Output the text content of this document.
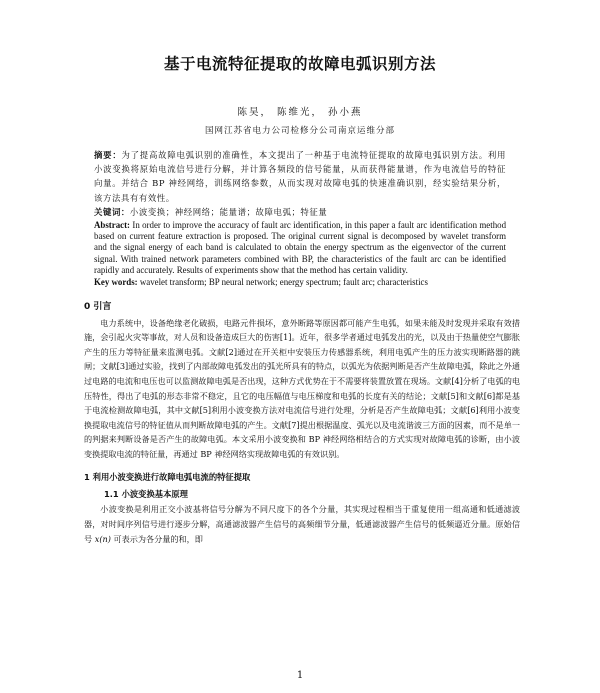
基于电流特征提取的故障电弧识别方法
陈昊， 陈维光， 孙小燕
国网江苏省电力公司检修分公司南京运维分部
摘要：为了提高故障电弧识别的准确性，本文提出了一种基于电流特征提取的故障电弧识别方法。利用小波变换将原始电流信号进行分解，并计算各频段的信号能量，从而获得能量谱，作为电流信号的特征向量。并结合 BP 神经网络，训练网络参数，从而实现对故障电弧的快速准确识别，经实验结果分析，该方法具有有效性。
关键词：小波变换；神经网络；能量谱；故障电弧；特征量
Abstract: In order to improve the accuracy of fault arc identification, in this paper a fault arc identification method based on current feature extraction is proposed. The original current signal is decomposed by wavelet transform and the signal energy of each band is calculated to obtain the energy spectrum as the eigenvector of the current signal. With trained network parameters combined with BP, the characteristics of the fault arc can be identified rapidly and accurately. Results of experiments show that the method has certain validity.
Key words: wavelet transform; BP neural network; energy spectrum; fault arc; characteristics
0 引言
电力系统中，设备绝缘老化破损，电路元件损坏，意外断路等原因都可能产生电弧，如果未能及时发现并采取有效措施，会引起火灾等事故，对人员和设备造成巨大的伤害[1]。近年，很多学者通过电弧发出的光，以及由于热量使空气膨胀产生的压力等特征量来监测电弧。文献[2]通过在开关柜中安装压力传感器系统，利用电弧产生的压力波实现断路器的跳闸；文献[3]通过实验，找到了内部故障电弧发出的弧光所具有的特点，以弧光为依据判断是否产生故障电弧，除此之外通过电路的电流和电压也可以监测故障电弧是否出现，这种方式优势在于不需要将装置放置在现场。文献[4]分析了电弧的电压特性，得出了电弧的形态非常不稳定，且它的电压幅值与电压梯度和电弧的长度有关的结论；文献[5]和文献[6]都是基于电流检测故障电弧，其中文献[5]利用小波变换方法对电流信号进行处理，分析是否产生故障电弧；文献[6]利用小波变换提取电流信号的特征值从而判断故障电弧的产生。文献[7]提出根据温度、弧光以及电流谐波三方面的因素，而不是单一的判据来判断设备是否产生的故障电弧。本文采用小波变换和 BP 神经网络相结合的方式实现对故障电弧的诊断，由小波变换提取电流的特征量，再通过 BP 神经网络实现故障电弧的有效识别。
1 利用小波变换进行故障电弧电流的特征提取
1.1 小波变换基本原理
小波变换是利用正交小波基将信号分解为不同尺度下的各个分量，其实现过程相当于重复使用一组高通和低通滤波器，对时间序列信号进行逐步分解，高通滤波器产生信号的高频细节分量，低通滤波器产生信号的低频逼近分量。原始信号 x(n) 可表示为各分量的和，即
1
